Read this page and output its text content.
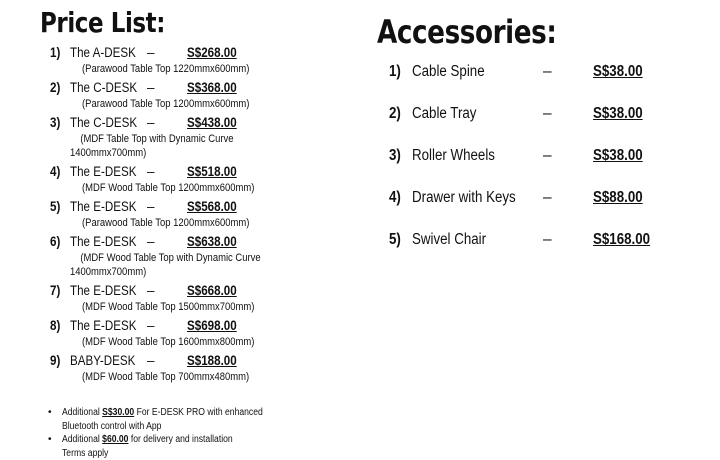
Price List:
1) The A-DESK – S$268.00
(Parawood Table Top 1220mmx600mm)
2) The C-DESK – S$368.00
(Parawood Table Top 1200mmx600mm)
3) The C-DESK – S$438.00
(MDF Table Top with Dynamic Curve 1400mmx700mm)
4) The E-DESK – S$518.00
(MDF Wood Table Top 1200mmx600mm)
5) The E-DESK – S$568.00
(Parawood Table Top 1200mmx600mm)
6) The E-DESK – S$638.00
(MDF Wood Table Top with Dynamic Curve 1400mmx700mm)
7) The E-DESK – S$668.00
(MDF Wood Table Top 1500mmx700mm)
8) The E-DESK – S$698.00
(MDF Wood Table Top 1600mmx800mm)
9) BABY-DESK – S$188.00
(MDF Wood Table Top 700mmx480mm)
• Additional S$30.00 For E-DESK PRO with enhanced Bluetooth control with App
• Additional $60.00 for delivery and installation
Terms apply
Accessories:
1) Cable Spine	–	S$38.00
2) Cable Tray	–	S$38.00
3) Roller Wheels	–	S$38.00
4) Drawer with Keys –	S$88.00
5) Swivel Chair	–	S$168.00
